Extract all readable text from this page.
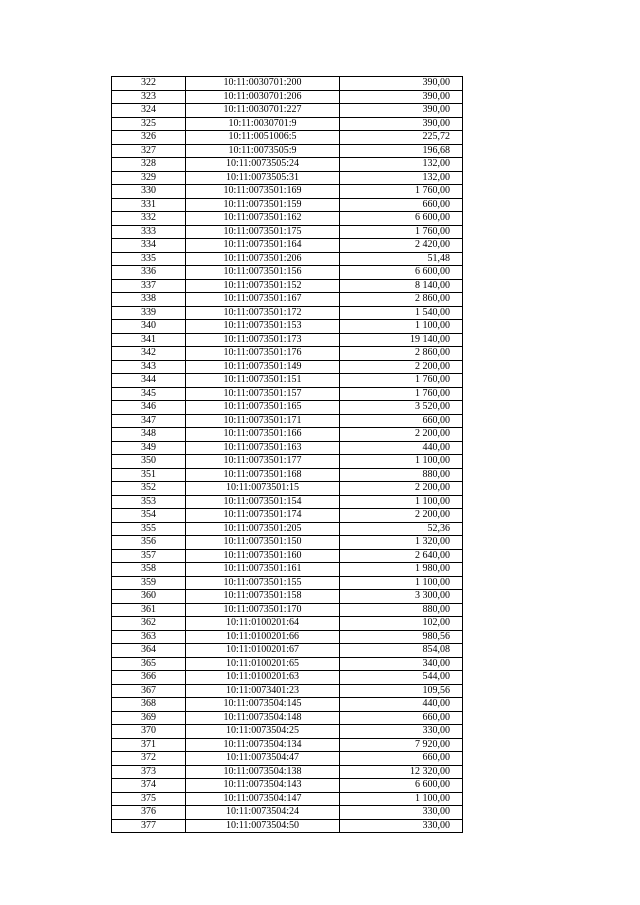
322	10:11:0030701:200	390,00
323	10:11:0030701:206	390,00
324	10:11:0030701:227	390,00
325	10:11:0030701:9	390,00
326	10:11:0051006:5	225,72
327	10:11:0073505:9	196,68
328	10:11:0073505:24	132,00
329	10:11:0073505:31	132,00
330	10:11:0073501:169	1 760,00
331	10:11:0073501:159	660,00
332	10:11:0073501:162	6 600,00
333	10:11:0073501:175	1 760,00
334	10:11:0073501:164	2 420,00
335	10:11:0073501:206	51,48
336	10:11:0073501:156	6 600,00
337	10:11:0073501:152	8 140,00
338	10:11:0073501:167	2 860,00
339	10:11:0073501:172	1 540,00
340	10:11:0073501:153	1 100,00
341	10:11:0073501:173	19 140,00
342	10:11:0073501:176	2 860,00
343	10:11:0073501:149	2 200,00
344	10:11:0073501:151	1 760,00
345	10:11:0073501:157	1 760,00
346	10:11:0073501:165	3 520,00
347	10:11:0073501:171	660,00
348	10:11:0073501:166	2 200,00
349	10:11:0073501:163	440,00
350	10:11:0073501:177	1 100,00
351	10:11:0073501:168	880,00
352	10:11:0073501:15	2 200,00
353	10:11:0073501:154	1 100,00
354	10:11:0073501:174	2 200,00
355	10:11:0073501:205	52,36
356	10:11:0073501:150	1 320,00
357	10:11:0073501:160	2 640,00
358	10:11:0073501:161	1 980,00
359	10:11:0073501:155	1 100,00
360	10:11:0073501:158	3 300,00
361	10:11:0073501:170	880,00
362	10:11:0100201:64	102,00
363	10:11:0100201:66	980,56
364	10:11:0100201:67	854,08
365	10:11:0100201:65	340,00
366	10:11:0100201:63	544,00
367	10:11:0073401:23	109,56
368	10:11:0073504:145	440,00
369	10:11:0073504:148	660,00
370	10:11:0073504:25	330,00
371	10:11:0073504:134	7 920,00
372	10:11:0073504:47	660,00
373	10:11:0073504:138	12 320,00
374	10:11:0073504:143	6 600,00
375	10:11:0073504:147	1 100,00
376	10:11:0073504:24	330,00
377	10:11:0073504:50	330,00
